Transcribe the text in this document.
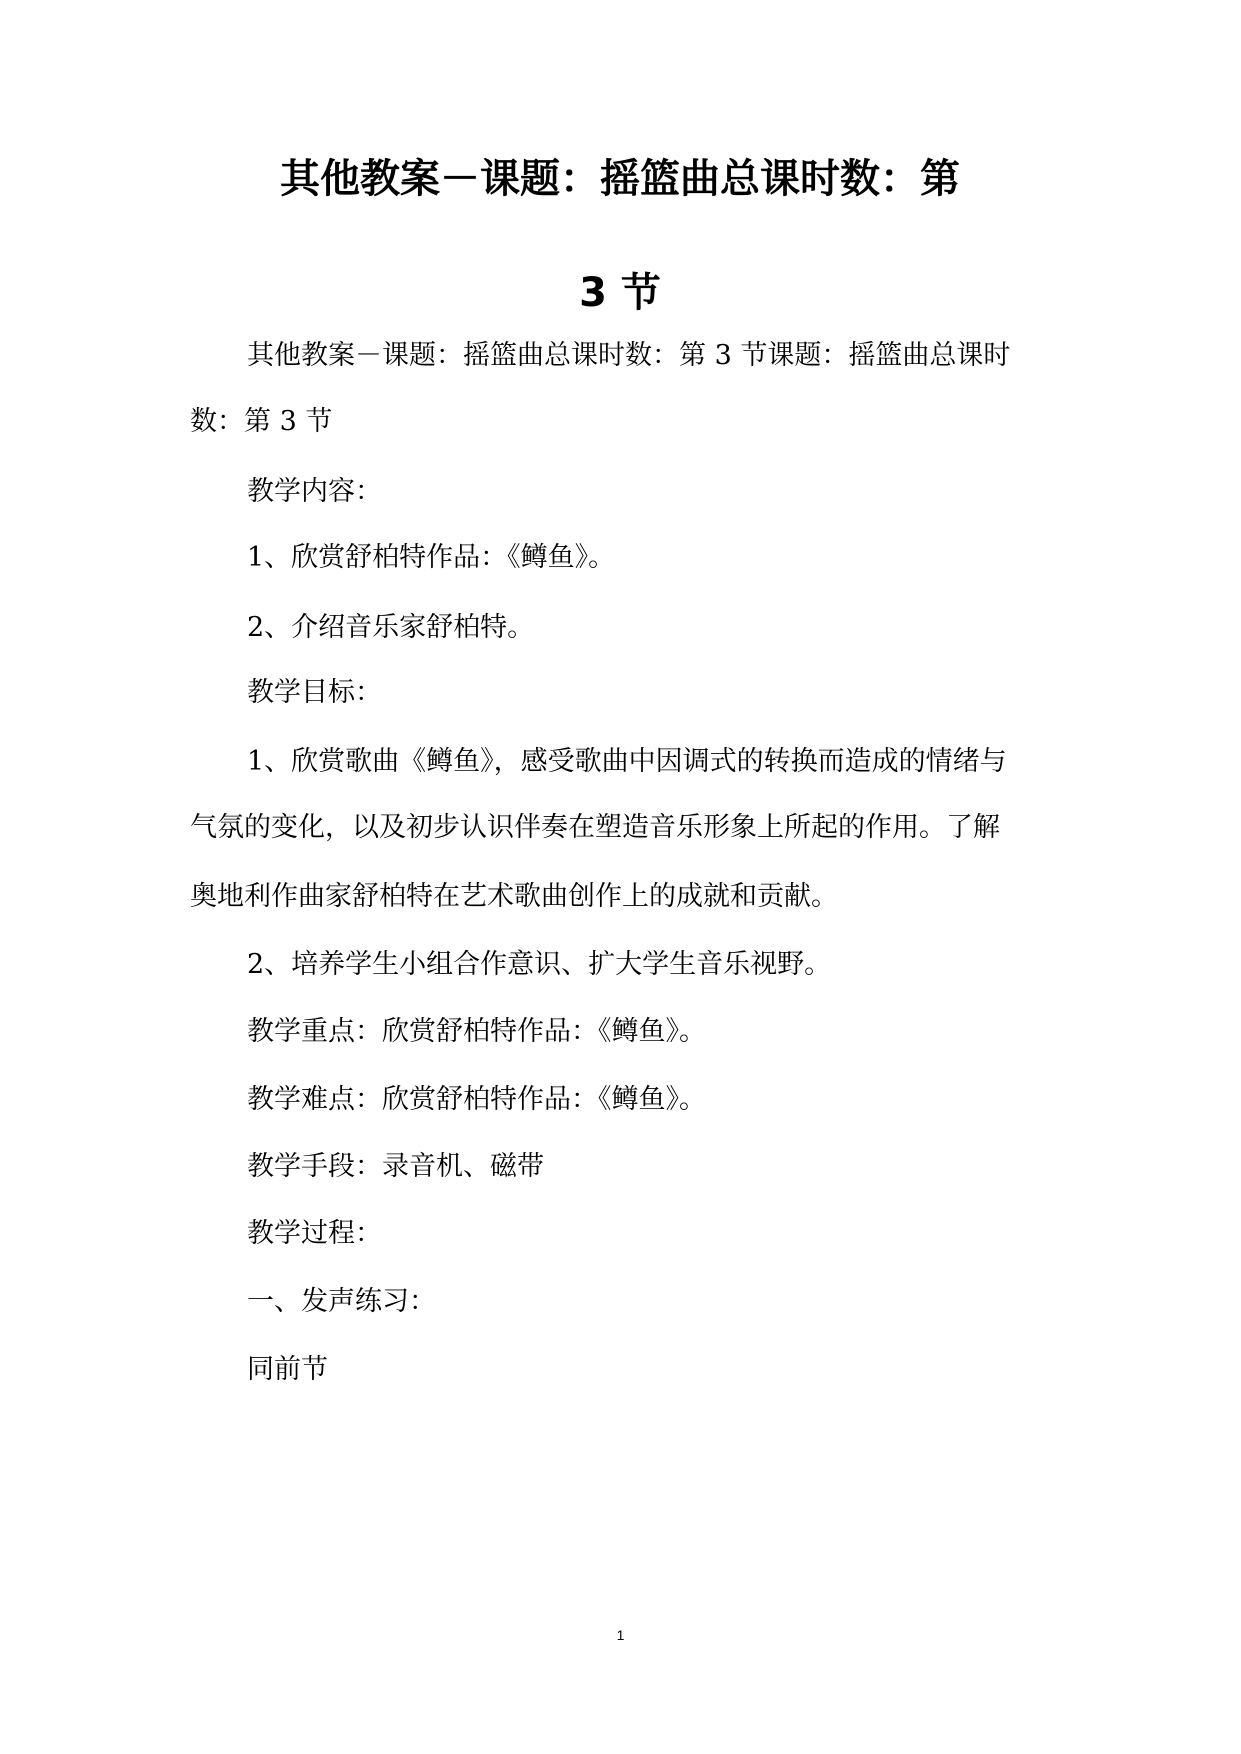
其他教案－课题：摇篮曲总课时数：第
3 节

其他教案－课题：摇篮曲总课时数：第 3 节课题：摇篮曲总课时

数：第 3 节

教学内容：

1、欣赏舒柏特作品：《鳟鱼》。

2、介绍音乐家舒柏特。

教学目标：

1、欣赏歌曲《鳟鱼》，感受歌曲中因调式的转换而造成的情绪与

气氛的变化，以及初步认识伴奏在塑造音乐形象上所起的作用。了解

奥地利作曲家舒柏特在艺术歌曲创作上的成就和贡献。

2、培养学生小组合作意识、扩大学生音乐视野。

教学重点：欣赏舒柏特作品：《鳟鱼》。

教学难点：欣赏舒柏特作品：《鳟鱼》。

教学手段：录音机、磁带

教学过程：

一、发声练习：

同前节

1
